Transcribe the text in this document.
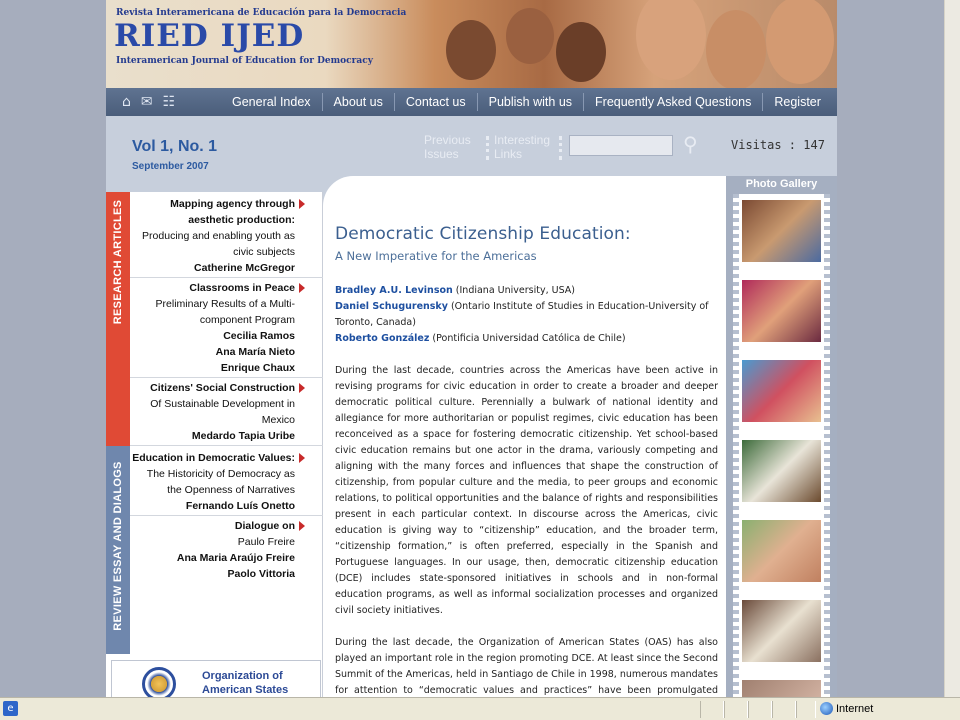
Revista Interamericana de Educación para la Democracia
RIED IJED
Interamerican Journal of Education for Democracy
⌂ ✉ ☷	General Index	About us	Contact us	Publish with us	Frequently Asked Questions	Register
Vol 1, No. 1
September 2007
Previous
Issues
Interesting
Links	⚲	Visitas : 147
RESEARCH ARTICLES
REVIEW ESSAY AND DIALOGS
Mapping agency through aesthetic production:
Producing and enabling youth as civic subjects
Catherine McGregor
Classrooms in Peace
Preliminary Results of a Multi-component Program
Cecilia Ramos
Ana María Nieto
Enrique Chaux
Citizens' Social Construction
Of Sustainable Development in Mexico
Medardo Tapia Uribe
Education in Democratic Values:
The Historicity of Democracy as the Openness of Narratives
Fernando Luís Onetto
Dialogue on
Paulo Freire
Ana Maria Araújo Freire
Paolo Vittoria
Organization of
American States
Democratic Citizenship Education:
A New Imperative for the Americas
Bradley A.U. Levinson (Indiana University, USA)
Daniel Schugurensky (Ontario Institute of Studies in Education-University of Toronto, Canada)
Roberto González (Pontificia Universidad Católica de Chile)

During the last decade, countries across the Americas have been active in revising programs for civic education in order to create a broader and deeper democratic political culture. Perennially a bulwark of national identity and allegiance for more authoritarian or populist regimes, civic education has been reconceived as a space for fostering democratic citizenship. Yet school-based civic education remains but one actor in the drama, variously competing and aligning with the many forces and influences that shape the construction of citizenship, from popular culture and the media, to peer groups and economic relations, to political opportunities and the balance of rights and responsibilities present in each particular context. In discourse across the Americas, civic education is giving way to “citizenship” education, and the broader term, “citizenship formation,” is often preferred, especially in the Spanish and Portuguese languages. In our usage, then, democratic citizenship education (DCE) includes state-sponsored initiatives in schools and in non-formal education programs, as well as informal socialization processes and organized civil society initiatives.

During the last decade, the Organization of American States (OAS) has also played an important role in the region promoting DCE. At least since the Second Summit of the Americas, held in Santiago de Chile in 1998, numerous mandates for attention to “democratic values and practices” have been promulgated

Photo Gallery
e	Internet
